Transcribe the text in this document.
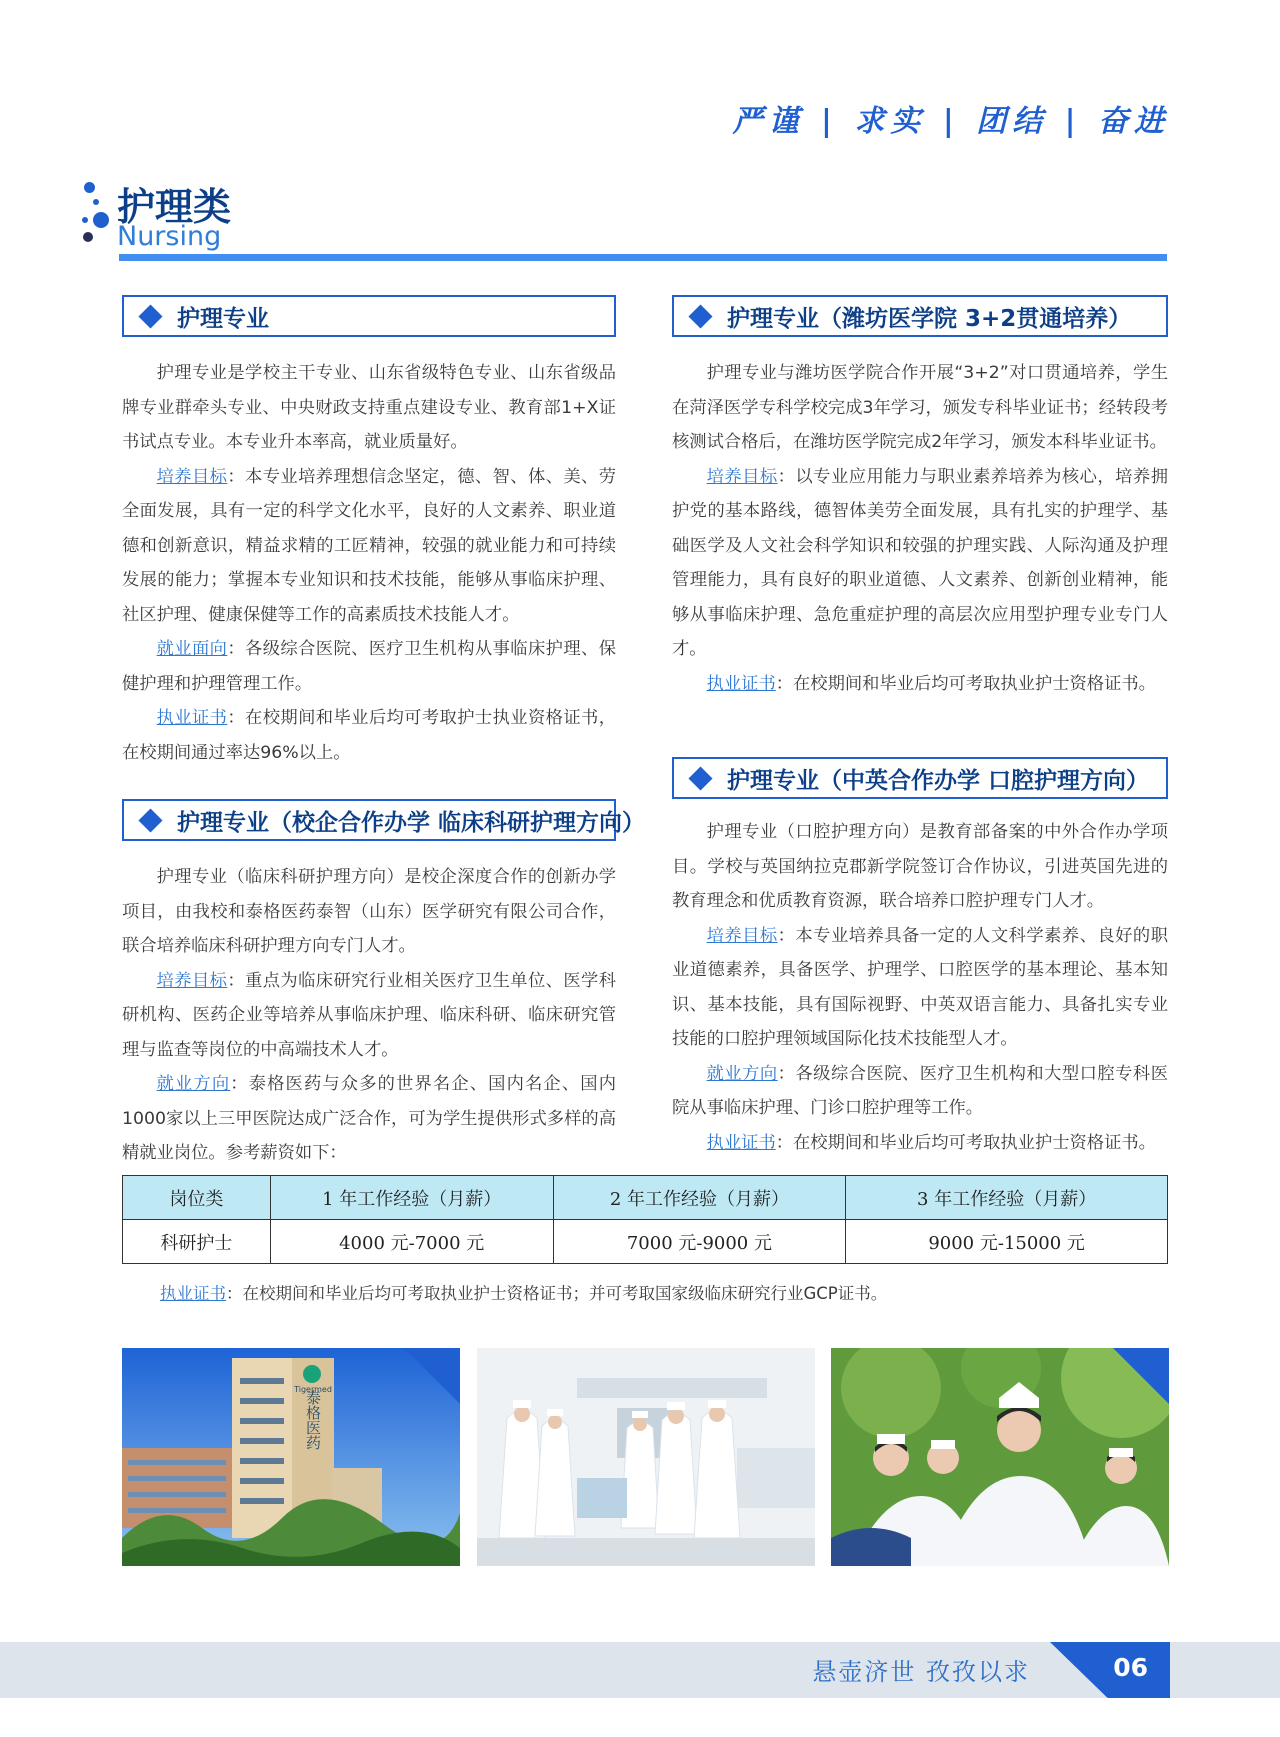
严谨 | 求实 | 团结 | 奋进
护理类
Nursing
护理专业

护理专业是学校主干专业、山东省级特色专业、山东省级品牌专业群牵头专业、中央财政支持重点建设专业、教育部1+X证书试点专业。本专业升本率高，就业质量好。

培养目标：本专业培养理想信念坚定，德、智、体、美、劳全面发展，具有一定的科学文化水平，良好的人文素养、职业道德和创新意识，精益求精的工匠精神，较强的就业能力和可持续发展的能力；掌握本专业知识和技术技能，能够从事临床护理、社区护理、健康保健等工作的高素质技术技能人才。

就业面向：各级综合医院、医疗卫生机构从事临床护理、保健护理和护理管理工作。

执业证书：在校期间和毕业后均可考取护士执业资格证书，在校期间通过率达96%以上。

护理专业（校企合作办学 临床科研护理方向）

护理专业（临床科研护理方向）是校企深度合作的创新办学项目，由我校和泰格医药泰智（山东）医学研究有限公司合作，联合培养临床科研护理方向专门人才。

培养目标：重点为临床研究行业相关医疗卫生单位、医学科研机构、医药企业等培养从事临床护理、临床科研、临床研究管理与监查等岗位的中高端技术人才。

就业方向：泰格医药与众多的世界名企、国内名企、国内1000家以上三甲医院达成广泛合作，可为学生提供形式多样的高精就业岗位。参考薪资如下：

护理专业（潍坊医学院 3+2贯通培养）

护理专业与潍坊医学院合作开展“3+2”对口贯通培养，学生在菏泽医学专科学校完成3年学习，颁发专科毕业证书；经转段考核测试合格后，在潍坊医学院完成2年学习，颁发本科毕业证书。

培养目标：以专业应用能力与职业素养培养为核心，培养拥护党的基本路线，德智体美劳全面发展，具有扎实的护理学、基础医学及人文社会科学知识和较强的护理实践、人际沟通及护理管理能力，具有良好的职业道德、人文素养、创新创业精神，能够从事临床护理、急危重症护理的高层次应用型护理专业专门人才。

执业证书：在校期间和毕业后均可考取执业护士资格证书。

护理专业（中英合作办学 口腔护理方向）

护理专业（口腔护理方向）是教育部备案的中外合作办学项目。学校与英国纳拉克郡新学院签订合作协议，引进英国先进的教育理念和优质教育资源，联合培养口腔护理专门人才。

培养目标：本专业培养具备一定的人文科学素养、良好的职业道德素养，具备医学、护理学、口腔医学的基本理论、基本知识、基本技能，具有国际视野、中英双语言能力、具备扎实专业技能的口腔护理领域国际化技术技能型人才。

就业方向：各级综合医院、医疗卫生机构和大型口腔专科医院从事临床护理、门诊口腔护理等工作。

执业证书：在校期间和毕业后均可考取执业护士资格证书。

岗位类	1 年工作经验（月薪）	2 年工作经验（月薪）	3 年工作经验（月薪）
科研护士	4000 元-7000 元	7000 元-9000 元	9000 元-15000 元
执业证书：在校期间和毕业后均可考取执业护士资格证书；并可考取国家级临床研究行业GCP证书。
Tigermed
泰格医药
悬壶济世 孜孜以求	06
